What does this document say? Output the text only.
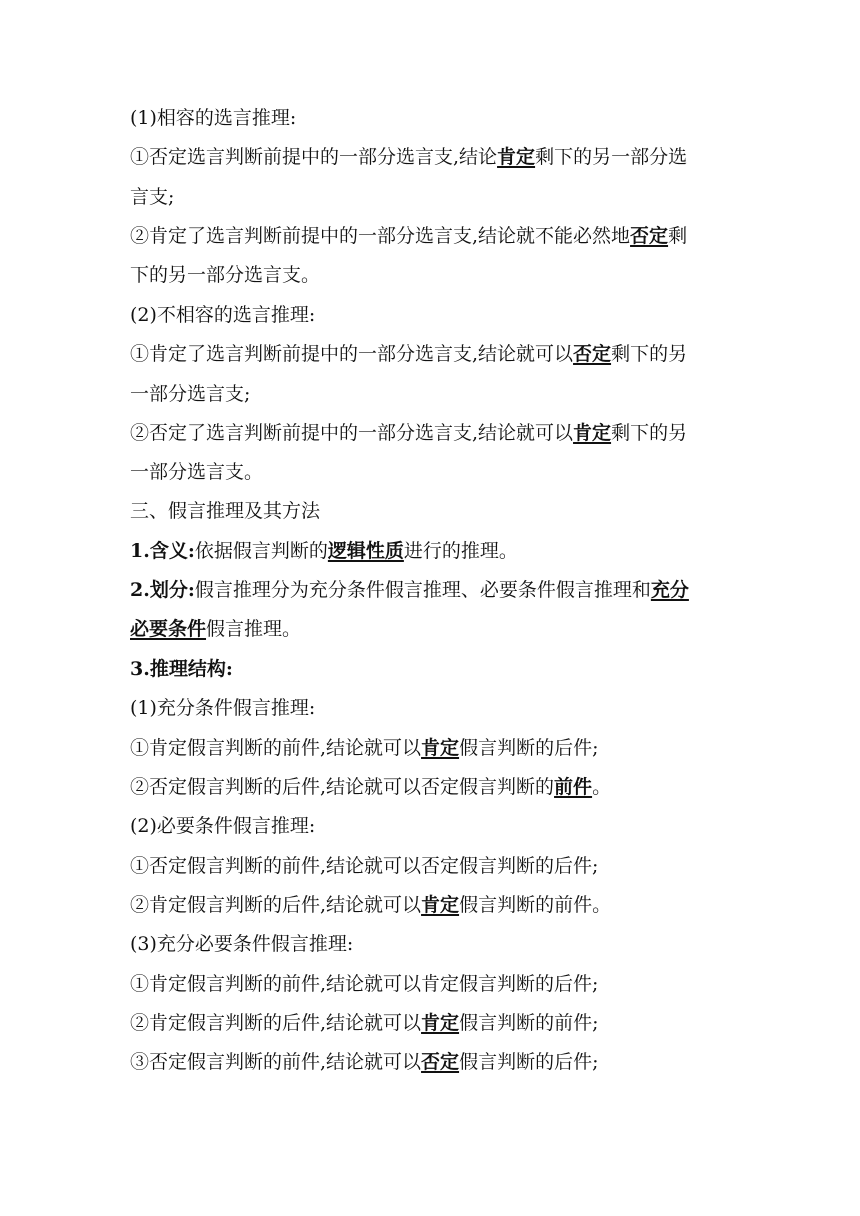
(1)相容的选言推理:
①否定选言判断前提中的一部分选言支,结论肯定剩下的另一部分选
言支;
②肯定了选言判断前提中的一部分选言支,结论就不能必然地否定剩
下的另一部分选言支。
(2)不相容的选言推理:
①肯定了选言判断前提中的一部分选言支,结论就可以否定剩下的另
一部分选言支;
②否定了选言判断前提中的一部分选言支,结论就可以肯定剩下的另
一部分选言支。
三、假言推理及其方法
1.含义:依据假言判断的逻辑性质进行的推理。
2.划分:假言推理分为充分条件假言推理、必要条件假言推理和充分
必要条件假言推理。
3.推理结构:
(1)充分条件假言推理:
①肯定假言判断的前件,结论就可以肯定假言判断的后件;
②否定假言判断的后件,结论就可以否定假言判断的前件。
(2)必要条件假言推理:
①否定假言判断的前件,结论就可以否定假言判断的后件;
②肯定假言判断的后件,结论就可以肯定假言判断的前件。
(3)充分必要条件假言推理:
①肯定假言判断的前件,结论就可以肯定假言判断的后件;
②肯定假言判断的后件,结论就可以肯定假言判断的前件;
③否定假言判断的前件,结论就可以否定假言判断的后件;
